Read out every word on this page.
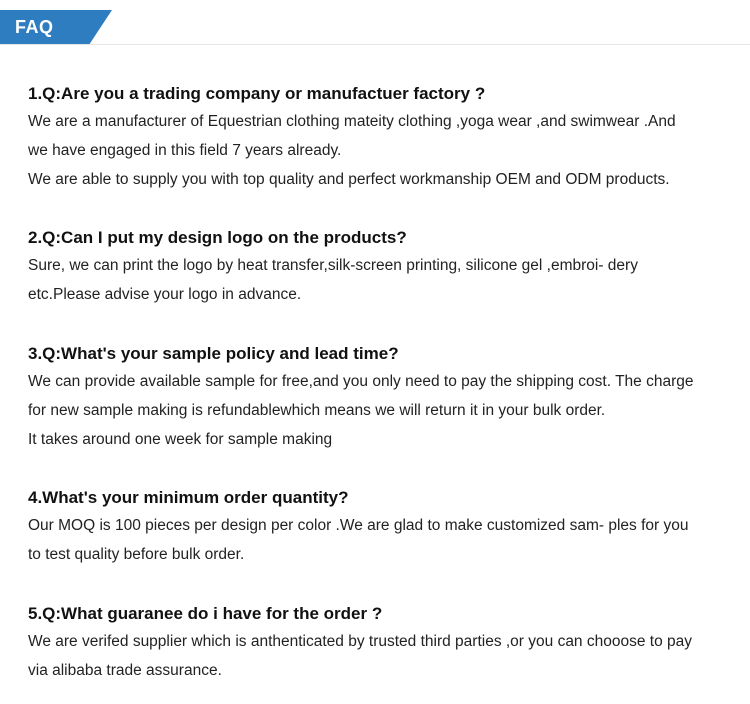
FAQ
1.Q:Are you a trading company or manufactuer factory ?
We are a manufacturer of Equestrian clothing mateity clothing ,yoga wear ,and swimwear .And
we have engaged in this field 7 years already.
We are able to supply you with top quality and perfect workmanship OEM and ODM products.
2.Q:Can I put my design logo on the products?
Sure, we can print the logo by heat transfer,silk-screen printing, silicone gel ,embroi- dery
etc.Please advise your logo in advance.
3.Q:What's your sample policy and lead time?
We can provide available sample for free,and you only need to pay the shipping cost. The charge
for new sample making is refundablewhich means we will return it in your bulk order.
It takes around one week for sample making
4.What's your minimum order quantity?
Our MOQ is 100 pieces per design per color .We are glad to make customized sam- ples for you
to test quality before bulk order.
5.Q:What guaranee do i have for the order ?
We are verifed supplier which is anthenticated by trusted third parties ,or you can chooose to pay
via alibaba trade assurance.
